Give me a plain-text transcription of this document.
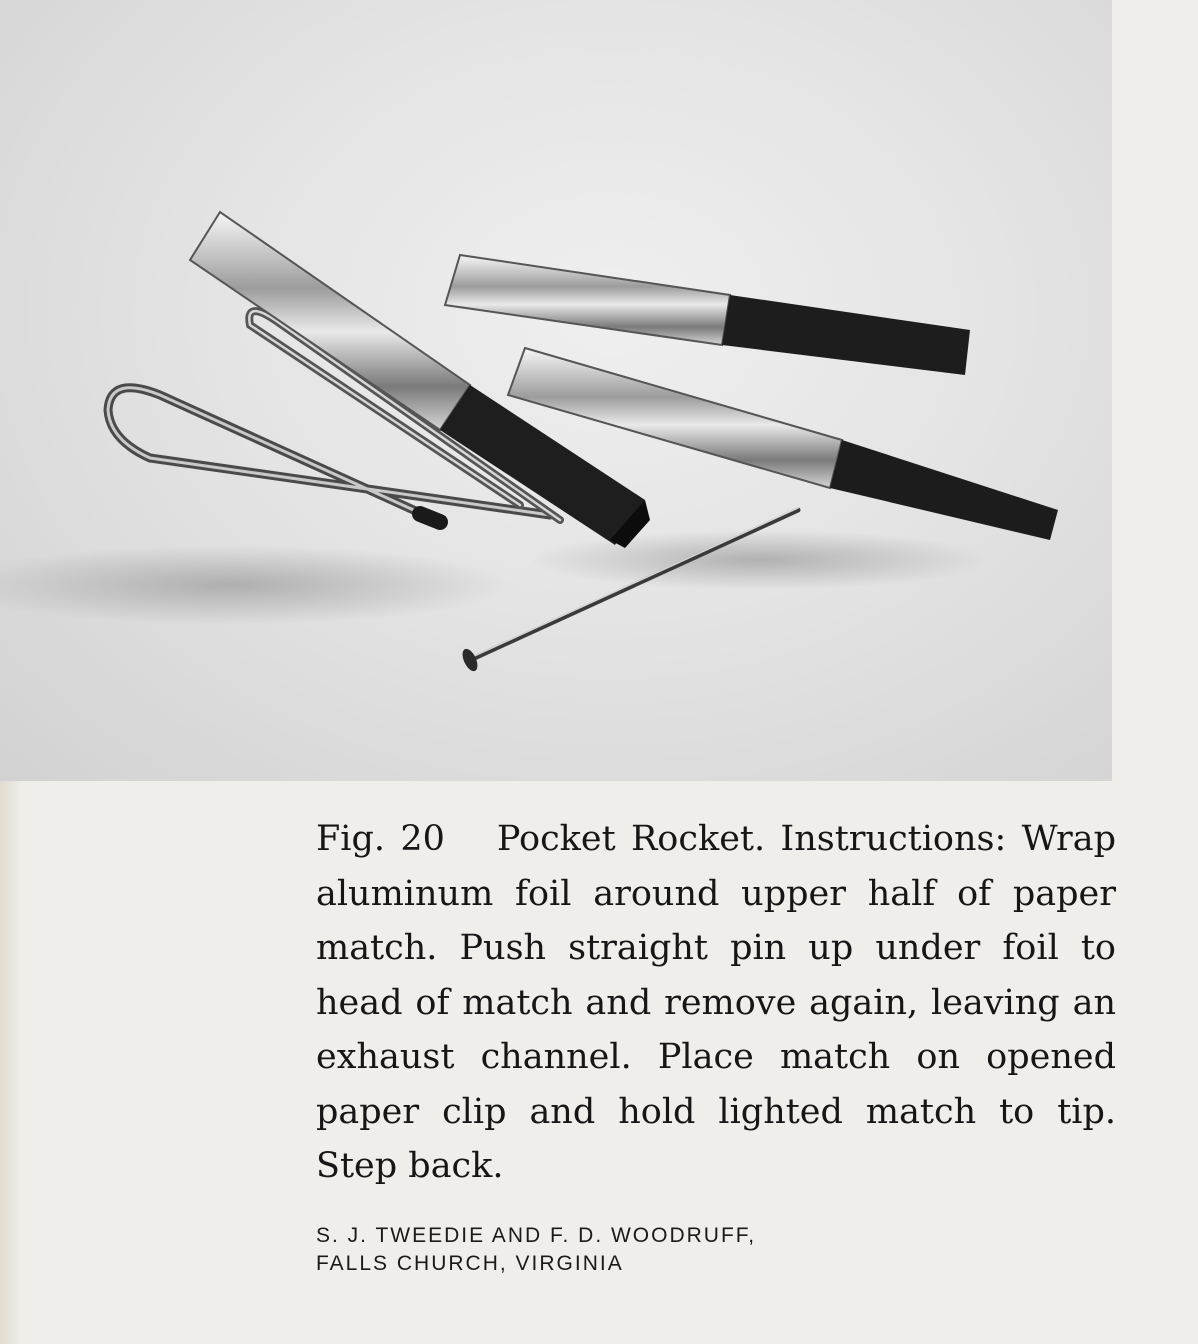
Fig. 20 Pocket Rocket. Instructions: Wrap aluminum foil around upper half of paper match. Push straight pin up under foil to head of match and remove again, leaving an exhaust channel. Place match on opened paper clip and hold lighted match to tip. Step back.
S. J. TWEEDIE AND F. D. WOODRUFF,
FALLS CHURCH, VIRGINIA
